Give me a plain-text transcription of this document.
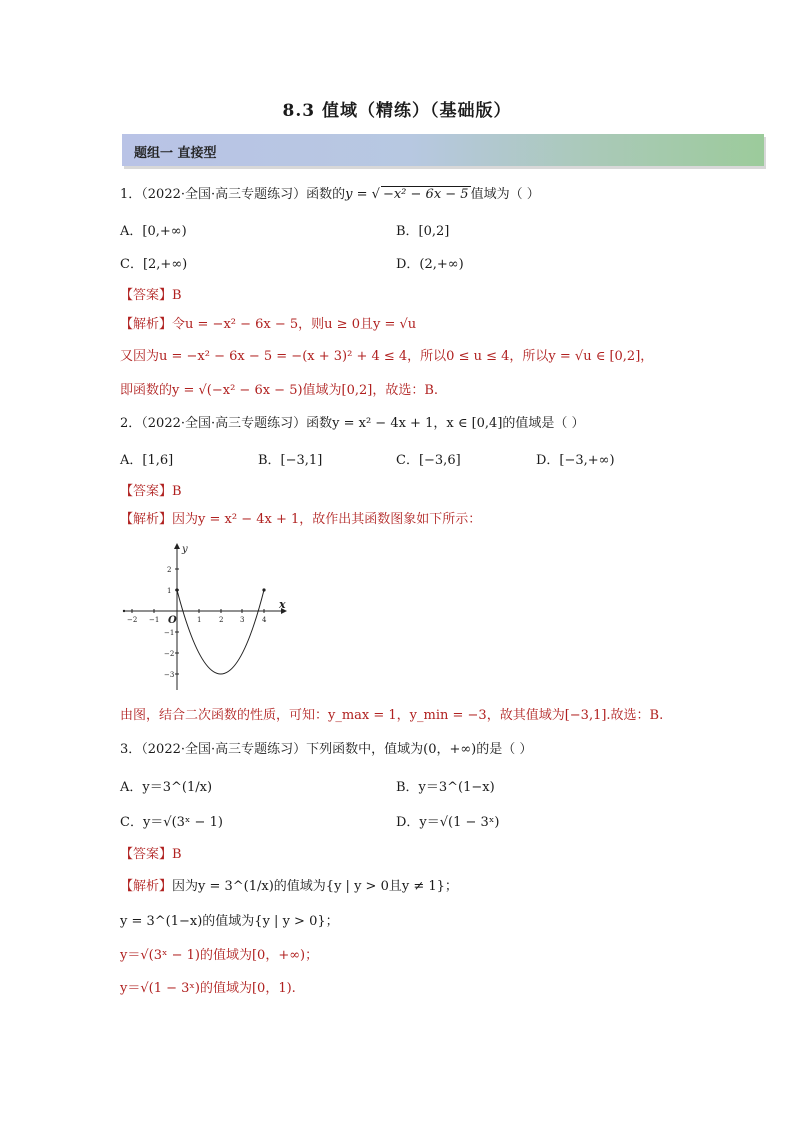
8.3 值域（精练）（基础版）
题组一 直接型
1．（2022·全国·高三专题练习）函数的y = √ −x² − 6x − 5 值域为（ ）
A．[0,+∞)	B．[0,2]
C．[2,+∞)	D．(2,+∞)
【答案】B
【解析】令u = −x² − 6x − 5，则u ≥ 0且y = √u
又因为u = −x² − 6x − 5 = −(x + 3)² + 4 ≤ 4，所以0 ≤ u ≤ 4，所以y = √u ∈ [0,2]，
即函数的y = √(−x² − 6x − 5)值域为[0,2]，故选：B.
2．（2022·全国·高三专题练习）函数y = x² − 4x + 1，x ∈ [0,4]的值域是（ ）
A．[1,6]	B．[−3,1]	C．[−3,6]	D．[−3,+∞)
【答案】B
【解析】因为y = x² − 4x + 1，故作出其函数图象如下所示：
−2 −1	1	2 3	4
2
1
−1
−2
−3
x
y
O
由图，结合二次函数的性质，可知：y_max = 1，y_min = −3，故其值域为[−3,1].故选：B.
3．（2022·全国·高三专题练习）下列函数中，值域为(0，+∞)的是（ ）
A．y＝3^(1/x)	B．y＝3^(1−x)
C．y＝√(3ˣ − 1)	D．y＝√(1 − 3ˣ)
【答案】B
【解析】因为y = 3^(1/x)的值域为{y | y > 0且y ≠ 1}；
y = 3^(1−x)的值域为{y | y > 0}；
y＝√(3ˣ − 1)的值域为[0，+∞)；
y＝√(1 − 3ˣ)的值域为[0，1).
